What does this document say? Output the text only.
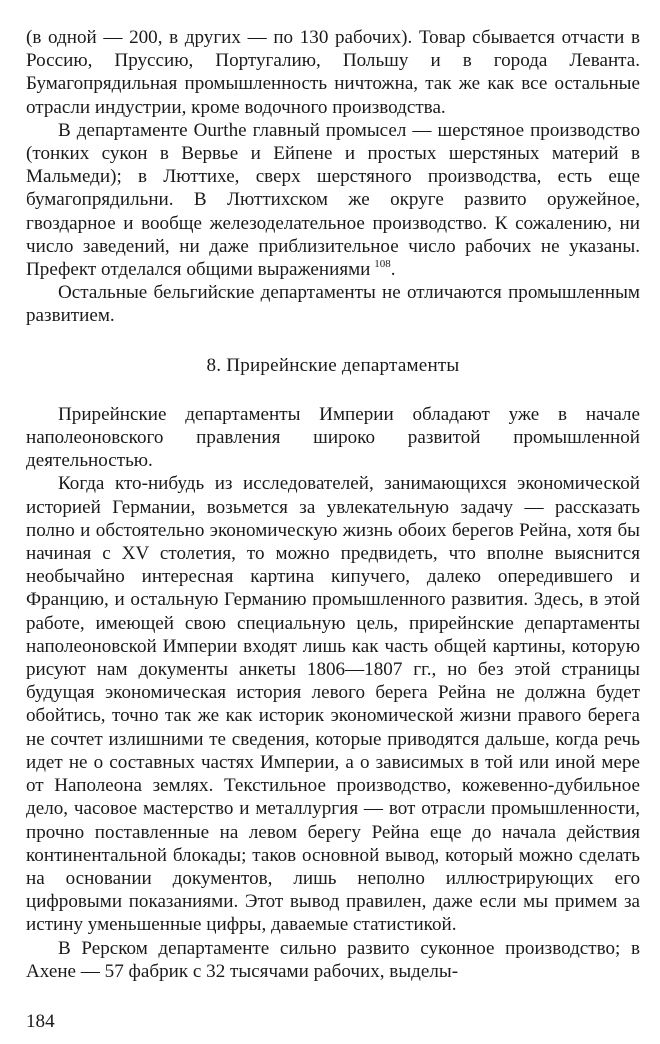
(в одной — 200, в других — по 130 рабочих). Товар сбывается отчасти в Россию, Пруссию, Португалию, Польшу и в города Леванта. Бумагопрядильная промышленность ничтожна, так же как все остальные отрасли индустрии, кроме водочного производства.

В департаменте Ourthe главный промысел — шерстяное производство (тонких сукон в Вервье и Ейпене и простых шерстяных материй в Мальмеди); в Люттихе, сверх шерстяного производства, есть еще бумагопрядильни. В Люттихском же округе развито оружейное, гвоздарное и вообще железоделательное производство. К сожалению, ни число заведений, ни даже приблизительное число рабочих не указаны. Префект отделался общими выражениями  $^{108}$.

Остальные бельгийские департаменты не отличаются промышленным развитием.

8. Прирейнские департаменты

Прирейнские департаменты Империи обладают уже в начале наполеоновского правления широко развитой промышленной деятельностью.

Когда кто-нибудь из исследователей, занимающихся экономической историей Германии, возьмется за увлекательную задачу — рассказать полно и обстоятельно экономическую жизнь обоих берегов Рейна, хотя бы начиная с XV столетия, то можно предвидеть, что вполне выяснится необычайно интересная картина кипучего, далеко опередившего и Францию, и остальную Германию промышленного развития. Здесь, в этой работе, имеющей свою специальную цель, прирейнские департаменты наполеоновской Империи входят лишь как часть общей картины, которую рисуют нам документы анкеты 1806—1807 гг., но без этой страницы будущая экономическая история левого берега Рейна не должна будет обойтись, точно так же как историк экономической жизни правого берега не сочтет излишними те сведения, которые приводятся дальше, когда речь идет не о составных частях Империи, а о зависимых в той или иной мере от Наполеона землях. Текстильное производство, кожевенно-дубильное дело, часовое мастерство и металлургия — вот отрасли промышленности, прочно поставленные на левом берегу Рейна еще до начала действия континентальной блокады; таков основной вывод, который можно сделать на основании документов, лишь неполно иллюстрирующих его цифровыми показаниями. Этот вывод правилен, даже если мы примем за истину уменьшенные цифры, даваемые статистикой.

В Рерском департаменте сильно развито суконное производство; в Ахене — 57 фабрик с 32 тысячами рабочих, выделы-

184
